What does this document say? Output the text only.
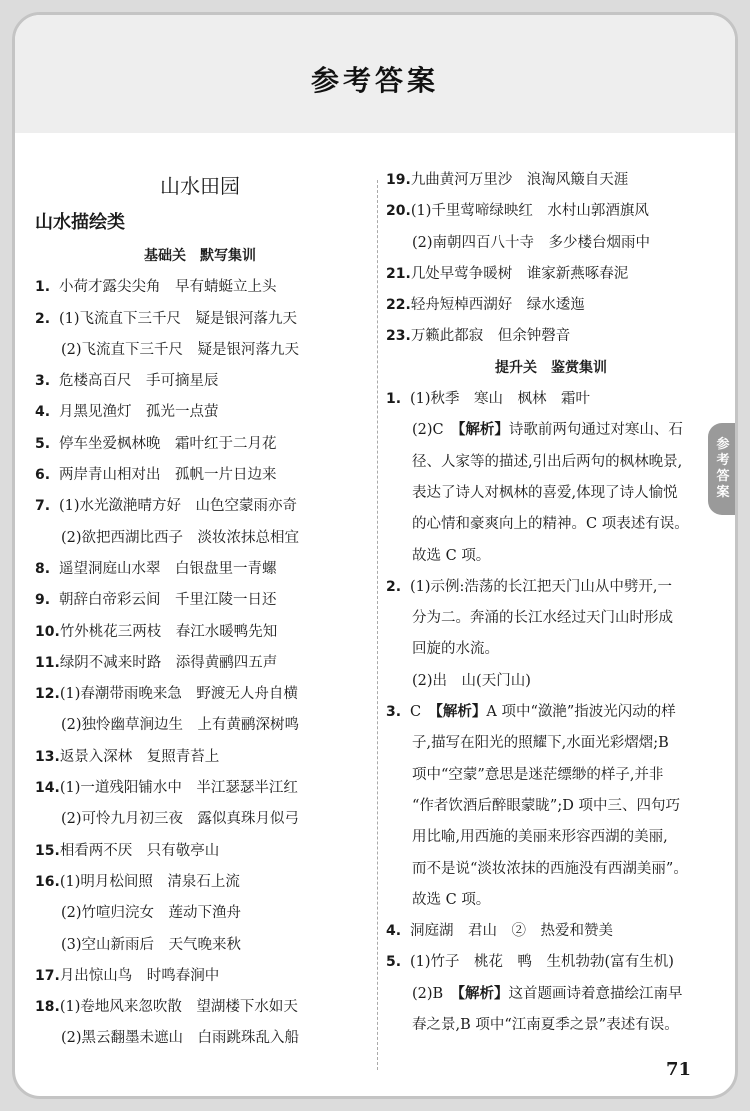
参考答案
山水田园
山水描绘类
基础关　默写集训
1. 小荷才露尖尖角　早有蜻蜓立上头
2. (1)飞流直下三千尺　疑是银河落九天
(2)飞流直下三千尺　疑是银河落九天
3. 危楼高百尺　手可摘星辰
4. 月黑见渔灯　孤光一点萤
5. 停车坐爱枫林晚　霜叶红于二月花
6. 两岸青山相对出　孤帆一片日边来
7. (1)水光潋滟晴方好　山色空蒙雨亦奇
(2)欲把西湖比西子　淡妆浓抹总相宜
8. 遥望洞庭山水翠　白银盘里一青螺
9. 朝辞白帝彩云间　千里江陵一日还
10.竹外桃花三两枝　春江水暖鸭先知
11.绿阴不减来时路　添得黄鹂四五声
12.(1)春潮带雨晚来急　野渡无人舟自横
(2)独怜幽草涧边生　上有黄鹂深树鸣
13.返景入深林　复照青苔上
14.(1)一道残阳铺水中　半江瑟瑟半江红
(2)可怜九月初三夜　露似真珠月似弓
15.相看两不厌　只有敬亭山
16.(1)明月松间照　清泉石上流
(2)竹喧归浣女　莲动下渔舟
(3)空山新雨后　天气晚来秋
17.月出惊山鸟　时鸣春涧中
18.(1)卷地风来忽吹散　望湖楼下水如天
(2)黑云翻墨未遮山　白雨跳珠乱入船
19.九曲黄河万里沙　浪淘风簸自天涯
20.(1)千里莺啼绿映红　水村山郭酒旗风
(2)南朝四百八十寺　多少楼台烟雨中
21.几处早莺争暖树　谁家新燕啄春泥
22.轻舟短棹西湖好　绿水逶迤
23.万籁此都寂　但余钟磬音
提升关　鉴赏集训
1. (1)秋季　寒山　枫林　霜叶
(2)C　【解析】诗歌前两句通过对寒山、石
径、人家等的描述,引出后两句的枫林晚景,
表达了诗人对枫林的喜爱,体现了诗人愉悦
的心情和豪爽向上的精神。C 项表述有误。
故选 C 项。
2. (1)示例:浩荡的长江把天门山从中劈开,一
分为二。奔涌的长江水经过天门山时形成
回旋的水流。
(2)出　山(天门山)
3. C　【解析】A 项中“潋滟”指波光闪动的样
子,描写在阳光的照耀下,水面光彩熠熠;B
项中“空蒙”意思是迷茫缥缈的样子,并非
“作者饮酒后醉眼蒙眬”;D 项中三、四句巧
用比喻,用西施的美丽来形容西湖的美丽,
而不是说“淡妆浓抹的西施没有西湖美丽”。
故选 C 项。
4. 洞庭湖　君山　②　热爱和赞美
5. (1)竹子　桃花　鸭　生机勃勃(富有生机)
(2)B　【解析】这首题画诗着意描绘江南早
春之景,B 项中“江南夏季之景”表述有误。
参
考
答
案
71
